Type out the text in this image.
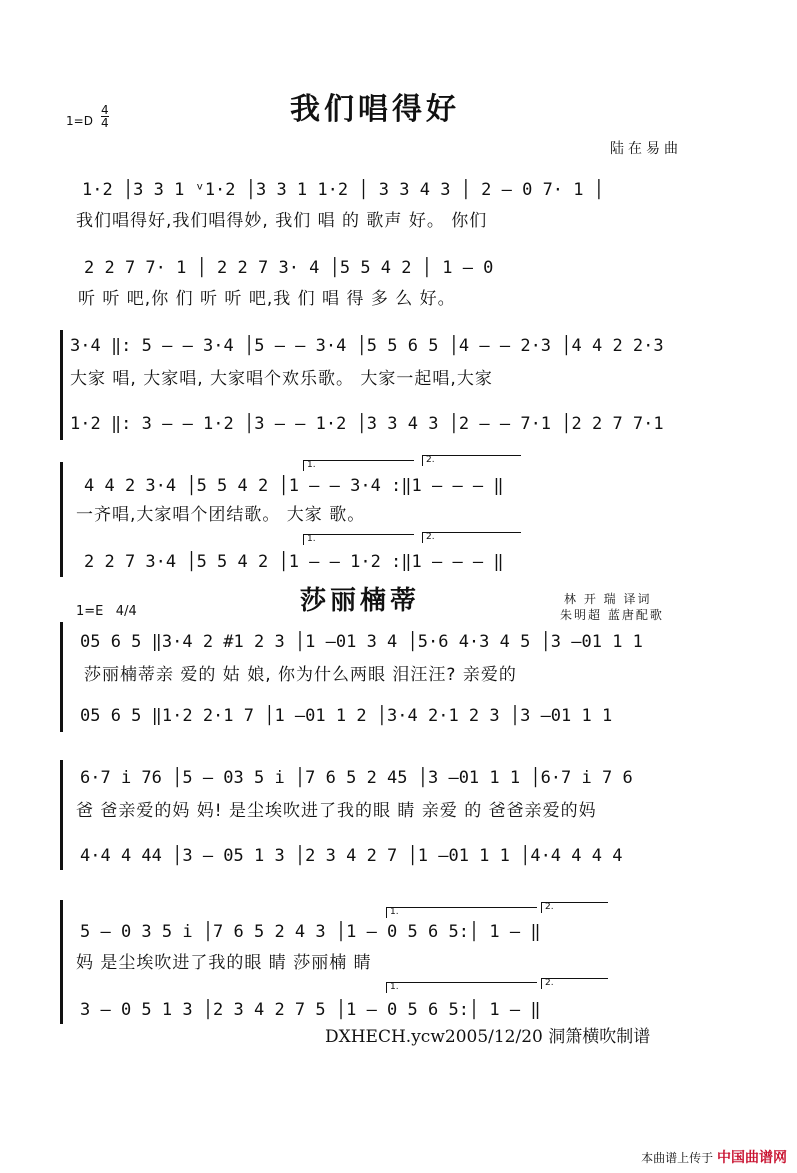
1=D
4
4	我们唱得好
陆在易曲
1·2 │3 3 1 ᵛ1·2 │3 3 1 1·2 │ 3 3 4 3 │ 2 – 0 7· 1 │
我们唱得好,我们唱得妙, 我们 唱 的 歌声 好。 你们
2 2 7 7· 1 │ 2 2 7 3· 4 │5 5 4 2 │ 1 – 0
听 听 吧,你 们 听 听 吧,我 们 唱 得 多 么 好。
3·4 ‖: 5 – – 3·4 │5 – – 3·4 │5 5 6 5 │4 – – 2·3 │4 4 2 2·3
大家 唱, 大家唱, 大家唱个欢乐歌。 大家一起唱,大家
1·2 ‖: 3 – – 1·2 │3 – – 1·2 │3 3 4 3 │2 – – 7·1 │2 2 7 7·1
1.	2.
4 4 2 3·4 │5 5 4 2 │1 – – 3·4 :‖1 – – – ‖
一齐唱,大家唱个团结歌。 大家 歌。
1.	2.
2 2 7 3·4 │5 5 4 2 │1 – – 1·2 :‖1 – – – ‖
莎丽楠蒂	林 开 瑞 译词
朱明超 蓝唐配歌
1=E 4/4
05 6 5 ‖3·4 2 #1 2 3 │1 –01 3 4 │5·6 4·3 4 5 │3 –01 1 1
莎丽楠蒂亲 爱的 姑 娘, 你为什么两眼 泪汪汪? 亲爱的
05 6 5 ‖1·2 2·1 7 │1 –01 1 2 │3·4 2·1 2 3 │3 –01 1 1
6·7 i 76 │5 – 03 5 i │7 6 5 2 45 │3 –01 1 1 │6·7 i 7 6
爸 爸亲爱的妈 妈! 是尘埃吹进了我的眼 睛 亲爱 的 爸爸亲爱的妈
4·4 4 44 │3 – 05 1 3 │2 3 4 2 7 │1 –01 1 1 │4·4 4 4 4
1.	2.
5 – 0 3 5 i │7 6 5 2 4 3 │1 – 0 5 6 5:│ 1 – ‖
妈 是尘埃吹进了我的眼 睛 莎丽楠 睛
1.	2.
3 – 0 5 1 3 │2 3 4 2 7 5 │1 – 0 5 6 5:│ 1 – ‖
DXHECH.ycw2005/12/20 洞箫横吹制谱
本曲谱上传于 中国曲谱网
